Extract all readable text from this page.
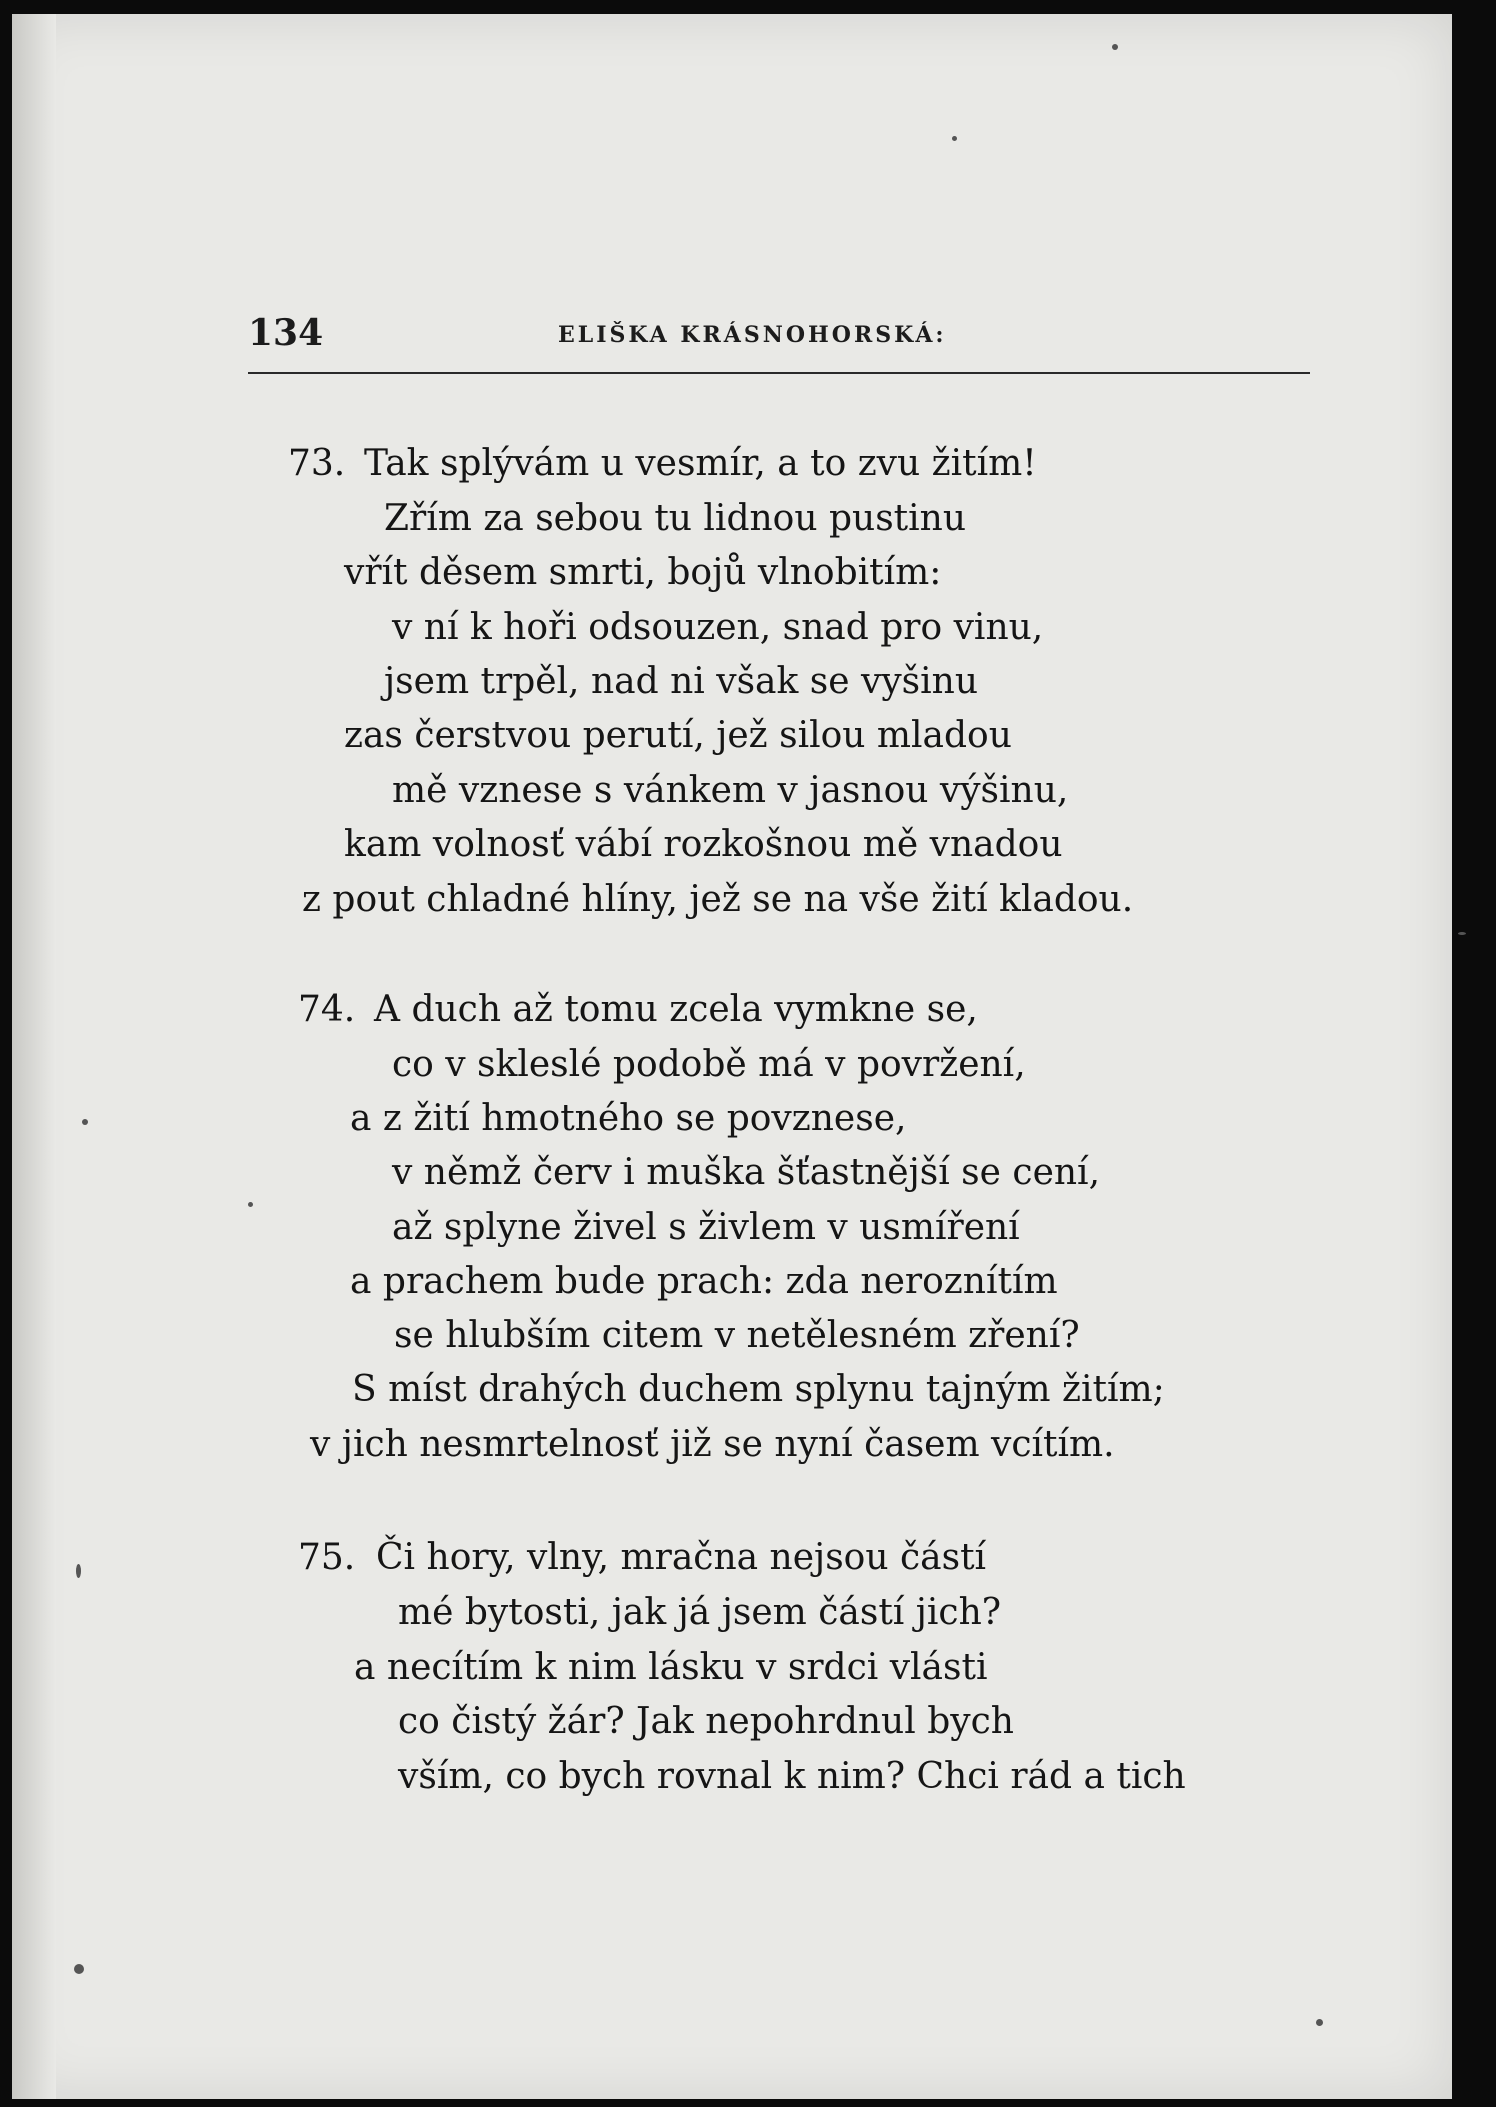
134	ELIŠKA KRÁSNOHORSKÁ:
73. Tak splývám u vesmír, a to zvu žitím!
Zřím za sebou tu lidnou pustinu
vřít děsem smrti, bojů vlnobitím:
v ní k hoři odsouzen, snad pro vinu,
jsem trpěl, nad ni však se vyšinu
zas čerstvou perutí, jež silou mladou
mě vznese s vánkem v jasnou výšinu,
kam volnosť vábí rozkošnou mě vnadou
z pout chladné hlíny, jež se na vše žití kladou.
74. A duch až tomu zcela vymkne se,
co v skleslé podobě má v povržení,
a z žití hmotného se povznese,
v němž červ i muška šťastnější se cení,
až splyne živel s živlem v usmíření
a prachem bude prach: zda neroznítím
se hlubším citem v netělesném zření?
S míst drahých duchem splynu tajným žitím;
v jich nesmrtelnosť již se nyní časem vcítím.
75. Či hory, vlny, mračna nejsou částí
mé bytosti, jak já jsem částí jich?
a necítím k nim lásku v srdci vlásti
co čistý žár? Jak nepohrdnul bych
vším, co bych rovnal k nim? Chci rád a tich
